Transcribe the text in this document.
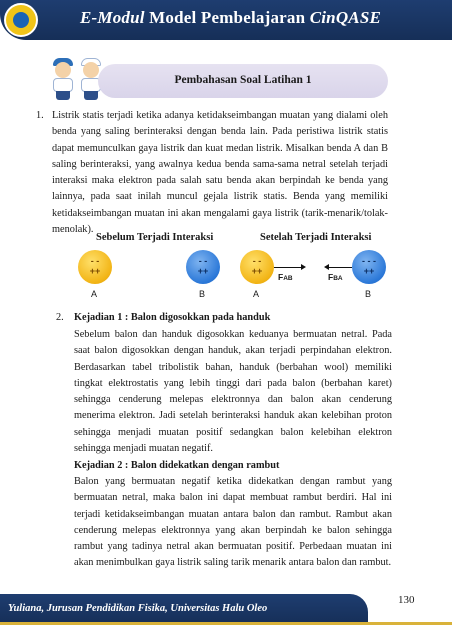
E-Modul Model Pembelajaran CinQASE
Pembahasan Soal Latihan 1
1. Listrik statis terjadi ketika adanya ketidakseimbangan muatan yang dialami oleh benda yang saling berinteraksi dengan benda lain. Pada peristiwa listrik statis dapat memunculkan gaya listrik dan kuat medan listrik. Misalkan benda A dan B saling berinteraksi, yang awalnya kedua benda sama-sama netral setelah terjadi interaksi maka elektron pada salah satu benda akan berpindah ke benda yang lainnya, pada saat inilah muncul gejala listrik statis. Benda yang memiliki ketidakseimbangan muatan ini akan mengalami gaya listrik (tarik-menarik/tolak-menolak).
Sebelum Terjadi Interaksi	Setelah Terjadi Interaksi
- -
++
A
- -
++
B
- -
++
A
FAB	FBA
- - -
++
B
2. Kejadian 1 : Balon digosokkan pada handuk
Sebelum balon dan handuk digosokkan keduanya bermuatan netral. Pada saat balon digosokkan dengan handuk, akan terjadi perpindahan elektron. Berdasarkan tabel tribolistik bahan, handuk (berbahan wool) memiliki tingkat elektrostatis yang lebih tinggi dari pada balon (berbahan karet) sehingga cenderung melepas elektronnya dan balon akan cenderung menerima elektron. Jadi setelah berinteraksi handuk akan kelebihan proton sehingga menjadi muatan positif sedangkan balon kelebihan elektron sehingga menjadi muatan negatif.
Kejadian 2 : Balon didekatkan dengan rambut
Balon yang bermuatan negatif ketika didekatkan dengan rambut yang bermuatan netral, maka balon ini dapat membuat rambut berdiri. Hal ini terjadi ketidakseimbangan muatan antara balon dan rambut. Rambut akan cenderung melepas elektronnya yang akan berpindah ke balon sehingga rambut yang tadinya netral akan bermuatan positif. Perbedaan muatan ini akan menimbulkan gaya listrik saling tarik menarik antara balon dan rambut.
Yuliana, Jurusan Pendidikan Fisika, Universitas Halu Oleo
130
